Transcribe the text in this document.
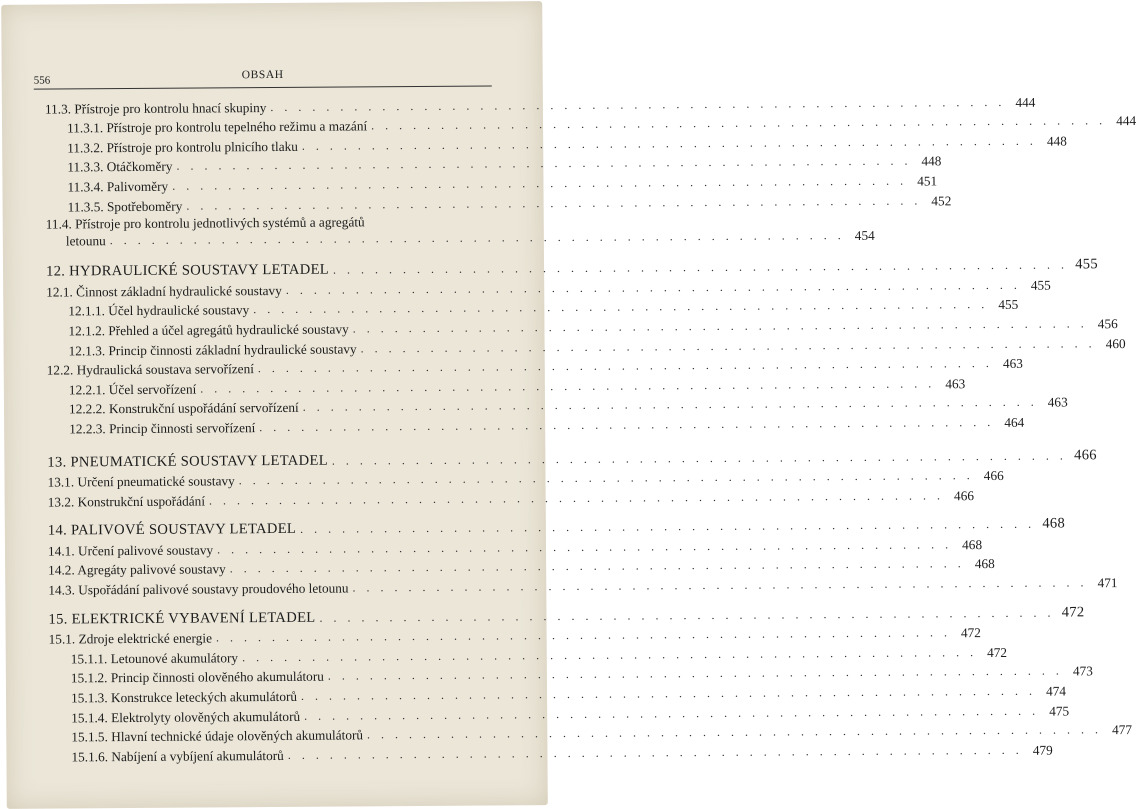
556	OBSAH
11.3. Přístroje pro kontrolu hnací skupiny . . . . . . . . . . . . . . . . . . . . . . . . . . . . . . . . . . . . . . . . . . . . . . . . . . . . . 444
11.3.1. Přístroje pro kontrolu tepelného režimu a mazání . . . . . . . . . . . . . . . . . . . . . . . . . . . . . . . . . . . . . . . . . . . . . . . . . . . . . 444
11.3.2. Přístroje pro kontrolu plnicího tlaku . . . . . . . . . . . . . . . . . . . . . . . . . . . . . . . . . . . . . . . . . . . . . . . . . . . . . 448
11.3.3. Otáčkoměry . . . . . . . . . . . . . . . . . . . . . . . . . . . . . . . . . . . . . . . . . . . . . . . . . . . . . 448
11.3.4. Palivoměry . . . . . . . . . . . . . . . . . . . . . . . . . . . . . . . . . . . . . . . . . . . . . . . . . . . . . 451
11.3.5. Spotřeboměry . . . . . . . . . . . . . . . . . . . . . . . . . . . . . . . . . . . . . . . . . . . . . . . . . . . . . 452
11.4. Přístroje pro kontrolu jednotlivých systémů a agregátů
letounu . . . . . . . . . . . . . . . . . . . . . . . . . . . . . . . . . . . . . . . . . . . . . . . . . . . . . 454
12. HYDRAULICKÉ SOUSTAVY LETADEL . . . . . . . . . . . . . . . . . . . . . . . . . . . . . . . . . . . . . . . . . . . . . . . . . . . . . 455
12.1. Činnost základní hydraulické soustavy . . . . . . . . . . . . . . . . . . . . . . . . . . . . . . . . . . . . . . . . . . . . . . . . . . . . . 455
12.1.1. Účel hydraulické soustavy . . . . . . . . . . . . . . . . . . . . . . . . . . . . . . . . . . . . . . . . . . . . . . . . . . . . . 455
12.1.2. Přehled a účel agregátů hydraulické soustavy . . . . . . . . . . . . . . . . . . . . . . . . . . . . . . . . . . . . . . . . . . . . . . . . . . . . . 456
12.1.3. Princip činnosti základní hydraulické soustavy . . . . . . . . . . . . . . . . . . . . . . . . . . . . . . . . . . . . . . . . . . . . . . . . . . . . . 460
12.2. Hydraulická soustava servořízení . . . . . . . . . . . . . . . . . . . . . . . . . . . . . . . . . . . . . . . . . . . . . . . . . . . . . 463
12.2.1. Účel servořízení . . . . . . . . . . . . . . . . . . . . . . . . . . . . . . . . . . . . . . . . . . . . . . . . . . . . . 463
12.2.2. Konstrukční uspořádání servořízení . . . . . . . . . . . . . . . . . . . . . . . . . . . . . . . . . . . . . . . . . . . . . . . . . . . . . 463
12.2.3. Princip činnosti servořízení . . . . . . . . . . . . . . . . . . . . . . . . . . . . . . . . . . . . . . . . . . . . . . . . . . . . . 464
13. PNEUMATICKÉ SOUSTAVY LETADEL . . . . . . . . . . . . . . . . . . . . . . . . . . . . . . . . . . . . . . . . . . . . . . . . . . . . . 466
13.1. Určení pneumatické soustavy . . . . . . . . . . . . . . . . . . . . . . . . . . . . . . . . . . . . . . . . . . . . . . . . . . . . . 466
13.2. Konstrukční uspořádání . . . . . . . . . . . . . . . . . . . . . . . . . . . . . . . . . . . . . . . . . . . . . . . . . . . . . 466
14. PALIVOVÉ SOUSTAVY LETADEL . . . . . . . . . . . . . . . . . . . . . . . . . . . . . . . . . . . . . . . . . . . . . . . . . . . . . 468
14.1. Určení palivové soustavy . . . . . . . . . . . . . . . . . . . . . . . . . . . . . . . . . . . . . . . . . . . . . . . . . . . . . 468
14.2. Agregáty palivové soustavy . . . . . . . . . . . . . . . . . . . . . . . . . . . . . . . . . . . . . . . . . . . . . . . . . . . . . 468
14.3. Uspořádání palivové soustavy proudového letounu . . . . . . . . . . . . . . . . . . . . . . . . . . . . . . . . . . . . . . . . . . . . . . . . . . . . . 471
15. ELEKTRICKÉ VYBAVENÍ LETADEL . . . . . . . . . . . . . . . . . . . . . . . . . . . . . . . . . . . . . . . . . . . . . . . . . . . . . 472
15.1. Zdroje elektrické energie . . . . . . . . . . . . . . . . . . . . . . . . . . . . . . . . . . . . . . . . . . . . . . . . . . . . . 472
15.1.1. Letounové akumulátory . . . . . . . . . . . . . . . . . . . . . . . . . . . . . . . . . . . . . . . . . . . . . . . . . . . . . 472
15.1.2. Princip činnosti olověného akumulátoru . . . . . . . . . . . . . . . . . . . . . . . . . . . . . . . . . . . . . . . . . . . . . . . . . . . . . 473
15.1.3. Konstrukce leteckých akumulátorů . . . . . . . . . . . . . . . . . . . . . . . . . . . . . . . . . . . . . . . . . . . . . . . . . . . . . 474
15.1.4. Elektrolyty olověných akumulátorů . . . . . . . . . . . . . . . . . . . . . . . . . . . . . . . . . . . . . . . . . . . . . . . . . . . . . 475
15.1.5. Hlavní technické údaje olověných akumulátorů . . . . . . . . . . . . . . . . . . . . . . . . . . . . . . . . . . . . . . . . . . . . . . . . . . . . . 477
15.1.6. Nabíjení a vybíjení akumulátorů . . . . . . . . . . . . . . . . . . . . . . . . . . . . . . . . . . . . . . . . . . . . . . . . . . . . . 479
